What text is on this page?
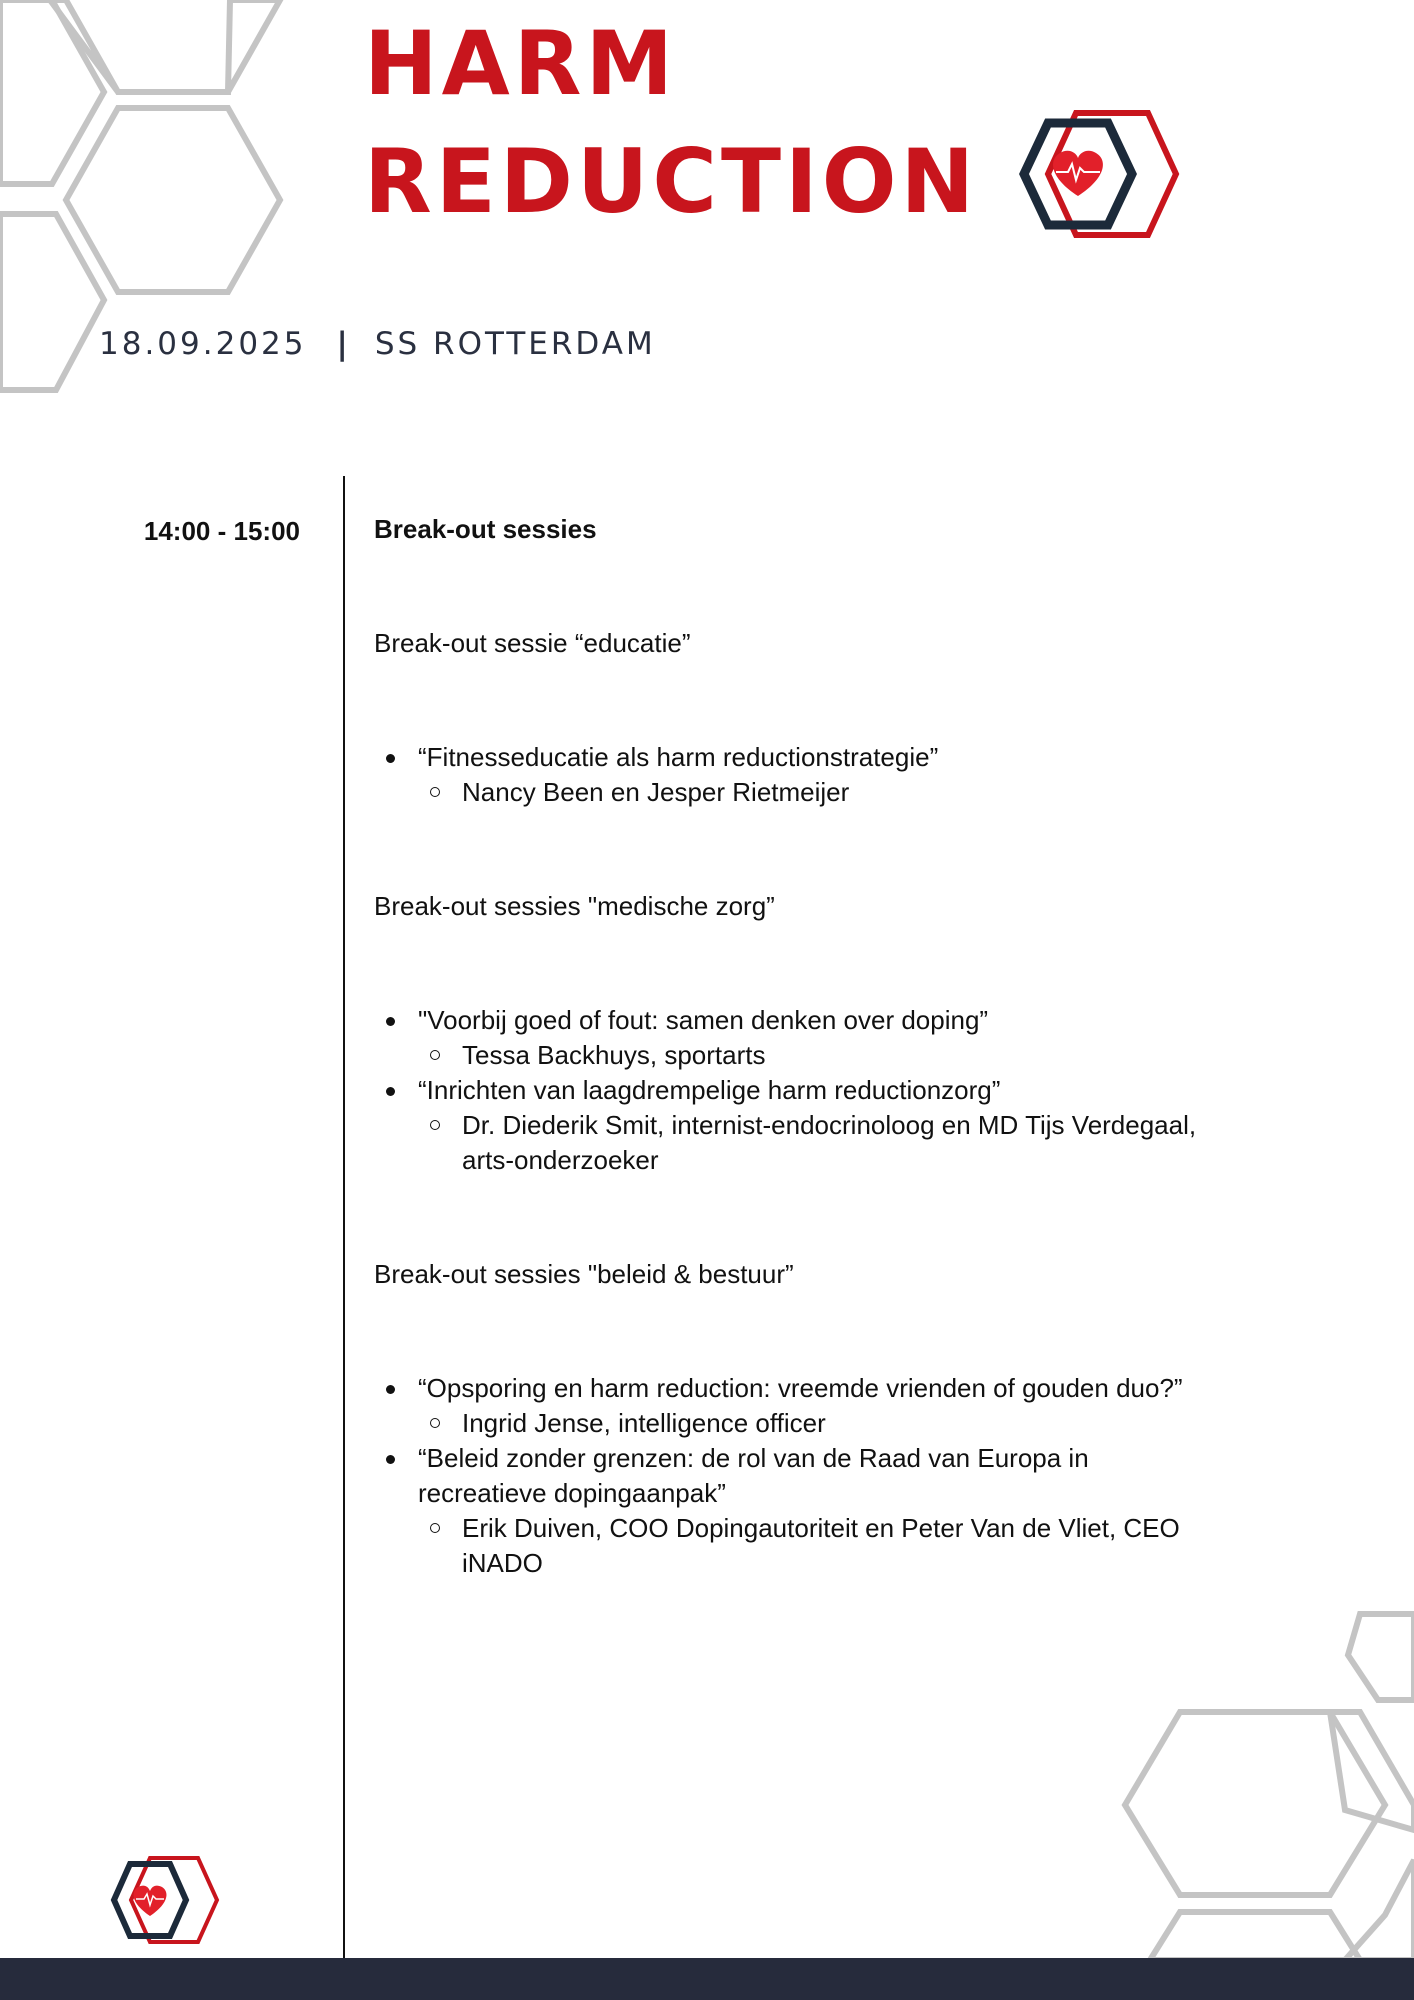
HARM
REDUCTION
18.09.2025 | SS ROTTERDAM
14:00 - 15:00	Break-out sessies

Break-out sessie “educatie”

“Fitnesseducatie als harm reductionstrategie”
Nancy Been en Jesper Rietmeijer

Break-out sessies "medische zorg”

"Voorbij goed of fout: samen denken over doping”
Tessa Backhuys, sportarts
“Inrichten van laagdrempelige harm reductionzorg”
Dr. Diederik Smit, internist-endocrinoloog en MD Tijs Verdegaal, arts-onderzoeker

Break-out sessies "beleid & bestuur”

“Opsporing en harm reduction: vreemde vrienden of gouden duo?”
Ingrid Jense, intelligence officer
“Beleid zonder grenzen: de rol van de Raad van Europa in recreatieve dopingaanpak”
Erik Duiven, COO Dopingautoriteit en Peter Van de Vliet, CEO iNADO
